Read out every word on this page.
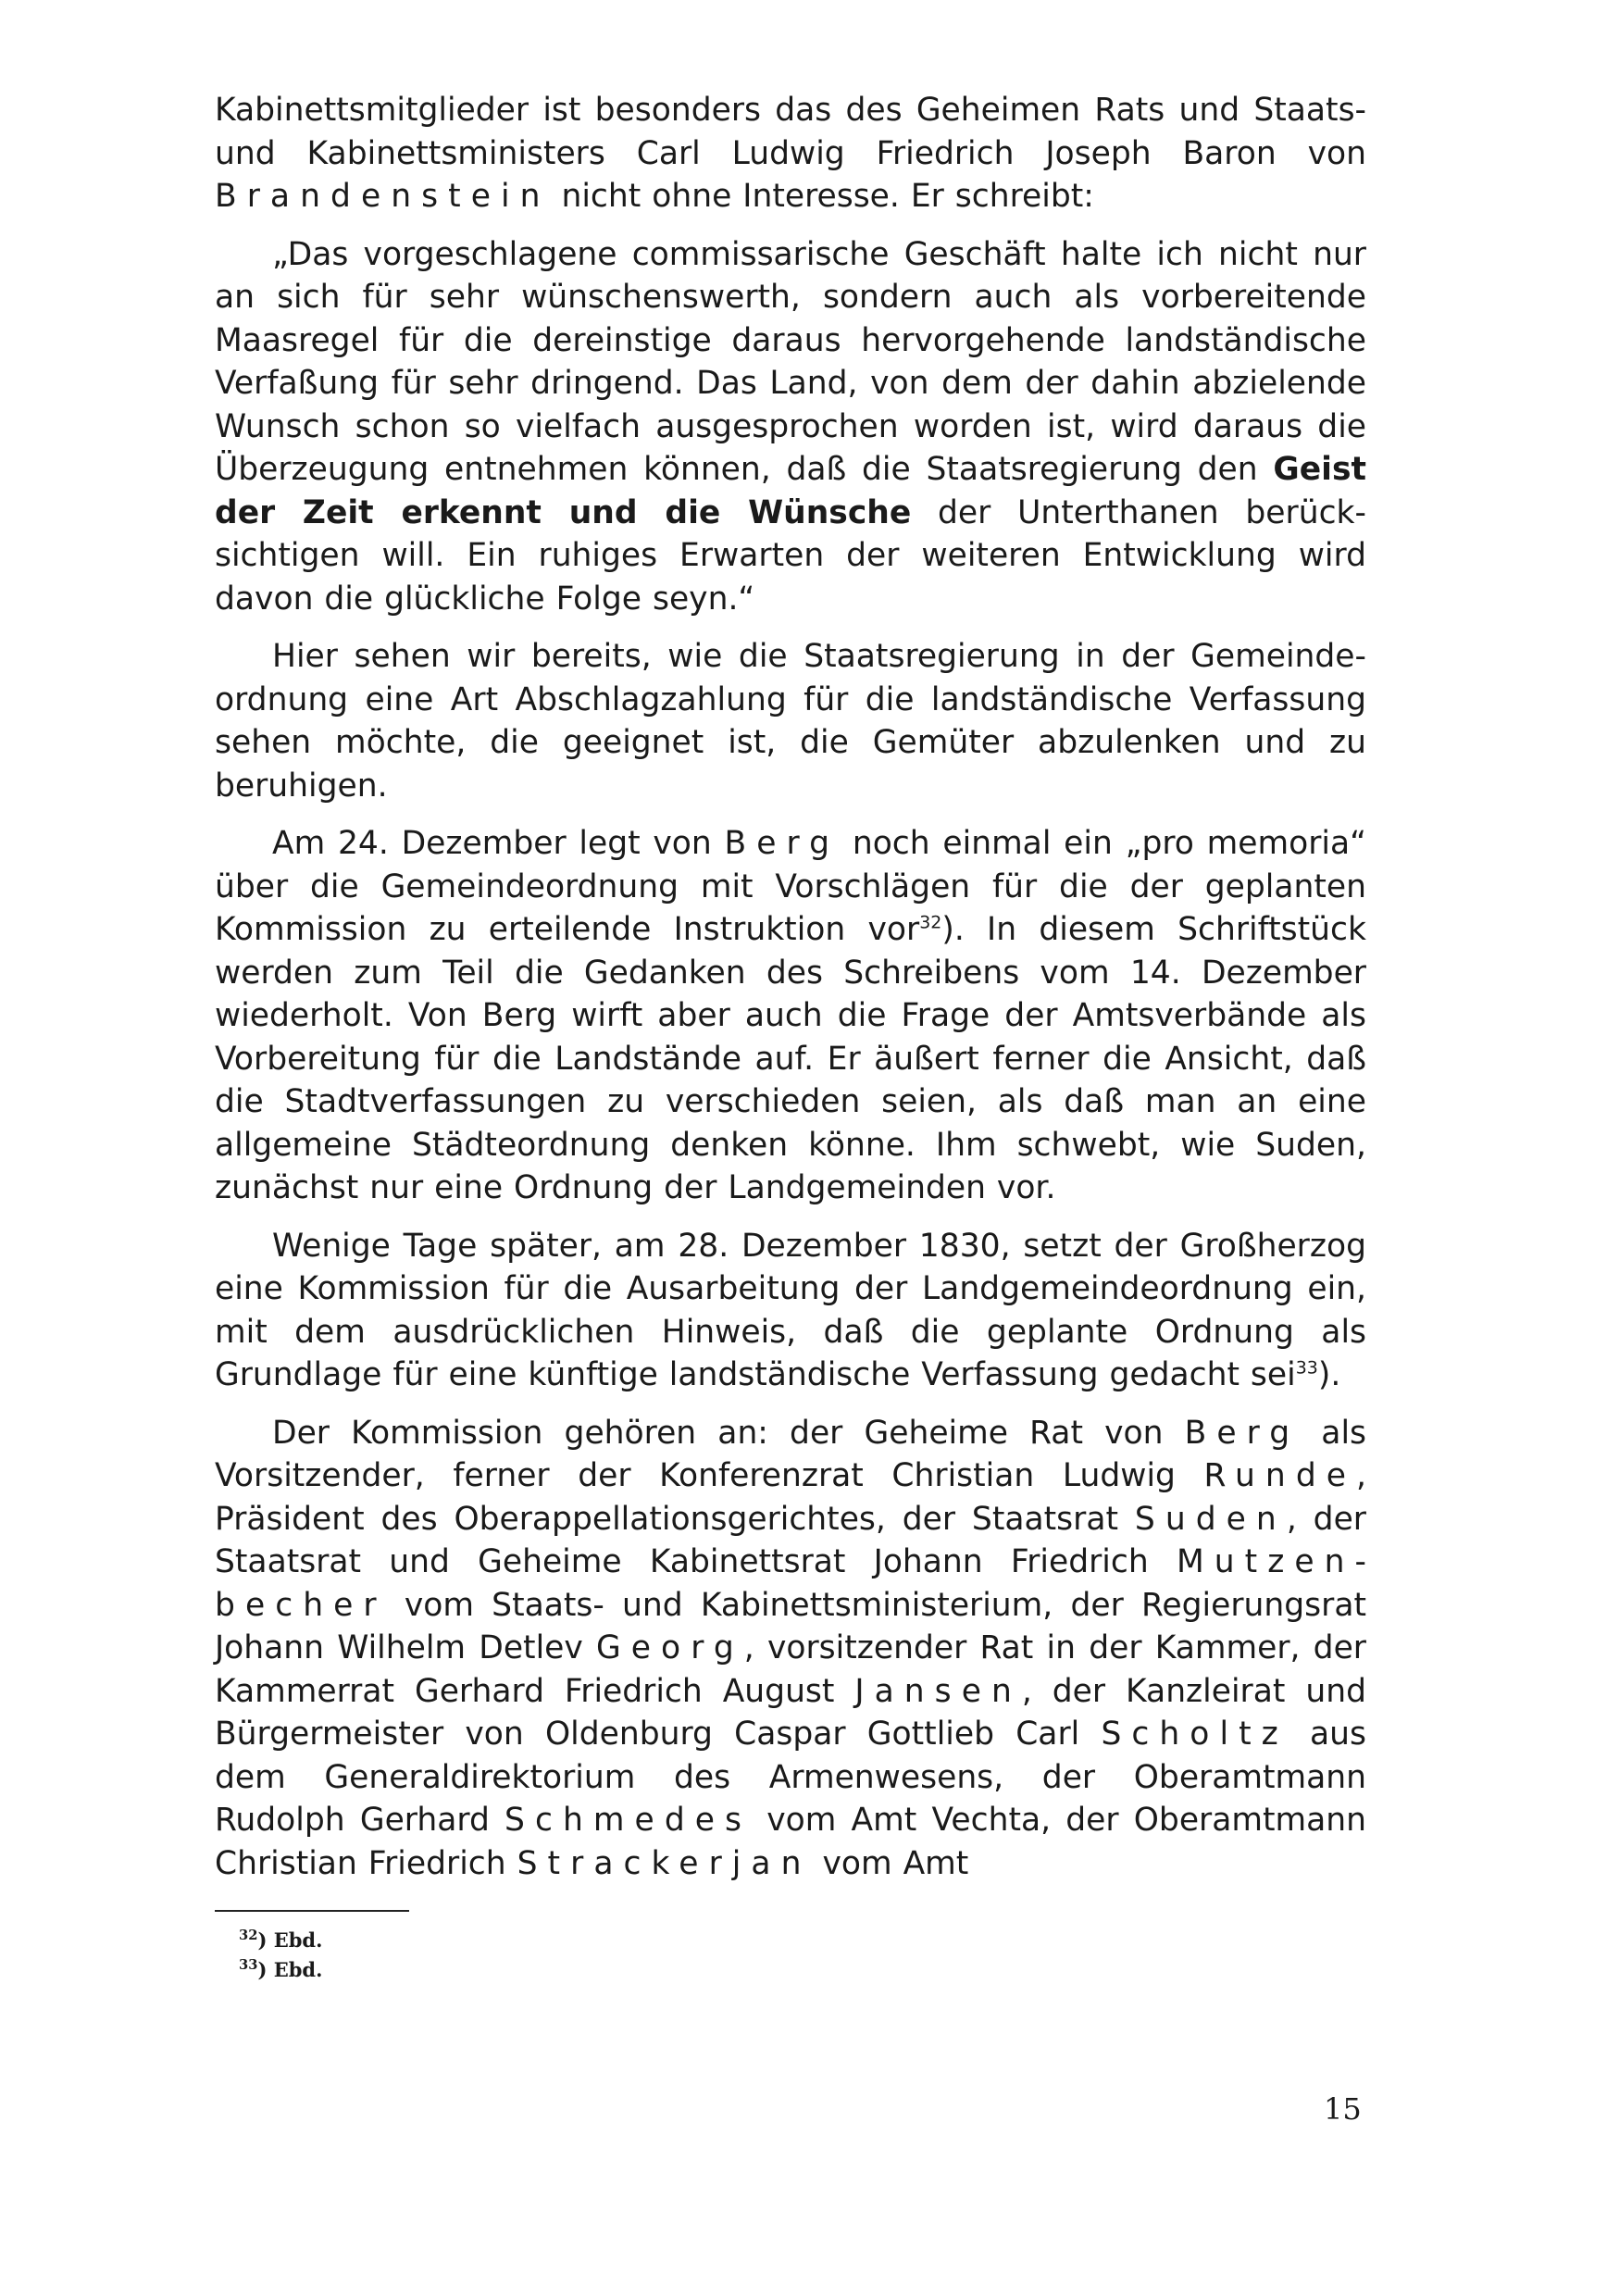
Kabinettsmitglieder ist besonders das des Geheimen Rats und Staats- und Kabinettsministers Carl Ludwig Friedrich Joseph Baron von Brandenstein nicht ohne Interesse. Er schreibt:

„Das vorgeschlagene commissarische Geschäft halte ich nicht nur an sich für sehr wünschenswerth, sondern auch als vorbereitende Maasregel für die dereinstige daraus hervorgehende landständische Verfaßung für sehr dringend. Das Land, von dem der dahin abzielende Wunsch schon so vielfach ausgesprochen worden ist, wird daraus die Überzeugung entnehmen können, daß die Staatsregierung den Geist der Zeit erkennt und die Wünsche der Unterthanen berücksichtigen will. Ein ruhiges Erwarten der weiteren Entwicklung wird davon die glückliche Folge seyn.“

Hier sehen wir bereits, wie die Staatsregierung in der Gemeindeordnung eine Art Abschlagzahlung für die landständische Verfassung sehen möchte, die geeignet ist, die Gemüter abzulenken und zu beruhigen.

Am 24. Dezember legt von Berg noch einmal ein „pro memoria“ über die Gemeindeordnung mit Vorschlägen für die der geplanten Kommission zu erteilende Instruktion vor$^{32}$). In diesem Schriftstück werden zum Teil die Gedanken des Schreibens vom 14. Dezember wiederholt. Von Berg wirft aber auch die Frage der Amtsverbände als Vorbereitung für die Landstände auf. Er äußert ferner die Ansicht, daß die Stadtverfassungen zu verschieden seien, als daß man an eine allgemeine Städteordnung denken könne. Ihm schwebt, wie Suden, zunächst nur eine Ordnung der Landgemeinden vor.

Wenige Tage später, am 28. Dezember 1830, setzt der Großherzog eine Kommission für die Ausarbeitung der Landgemeindeordnung ein, mit dem ausdrücklichen Hinweis, daß die geplante Ordnung als Grundlage für eine künftige landständische Verfassung gedacht sei$^{33}$).

Der Kommission gehören an: der Geheime Rat von Berg als Vorsitzender, ferner der Konferenzrat Christian Ludwig Runde, Präsident des Oberappellationsgerichtes, der Staatsrat Suden, der Staatsrat und Geheime Kabinettsrat Johann Friedrich Mutzenbecher vom Staats- und Kabinettsministerium, der Regierungsrat Johann Wilhelm Detlev Georg, vorsitzender Rat in der Kammer, der Kammerrat Gerhard Friedrich August Jansen, der Kanzleirat und Bürgermeister von Oldenburg Caspar Gottlieb Carl Scholtz aus dem Generaldirektorium des Armenwesens, der Oberamtmann Rudolph Gerhard Schmedes vom Amt Vechta, der Oberamtmann Christian Friedrich Strackerjan vom Amt

$^{32}$) Ebd.
$^{33}$) Ebd.
15
